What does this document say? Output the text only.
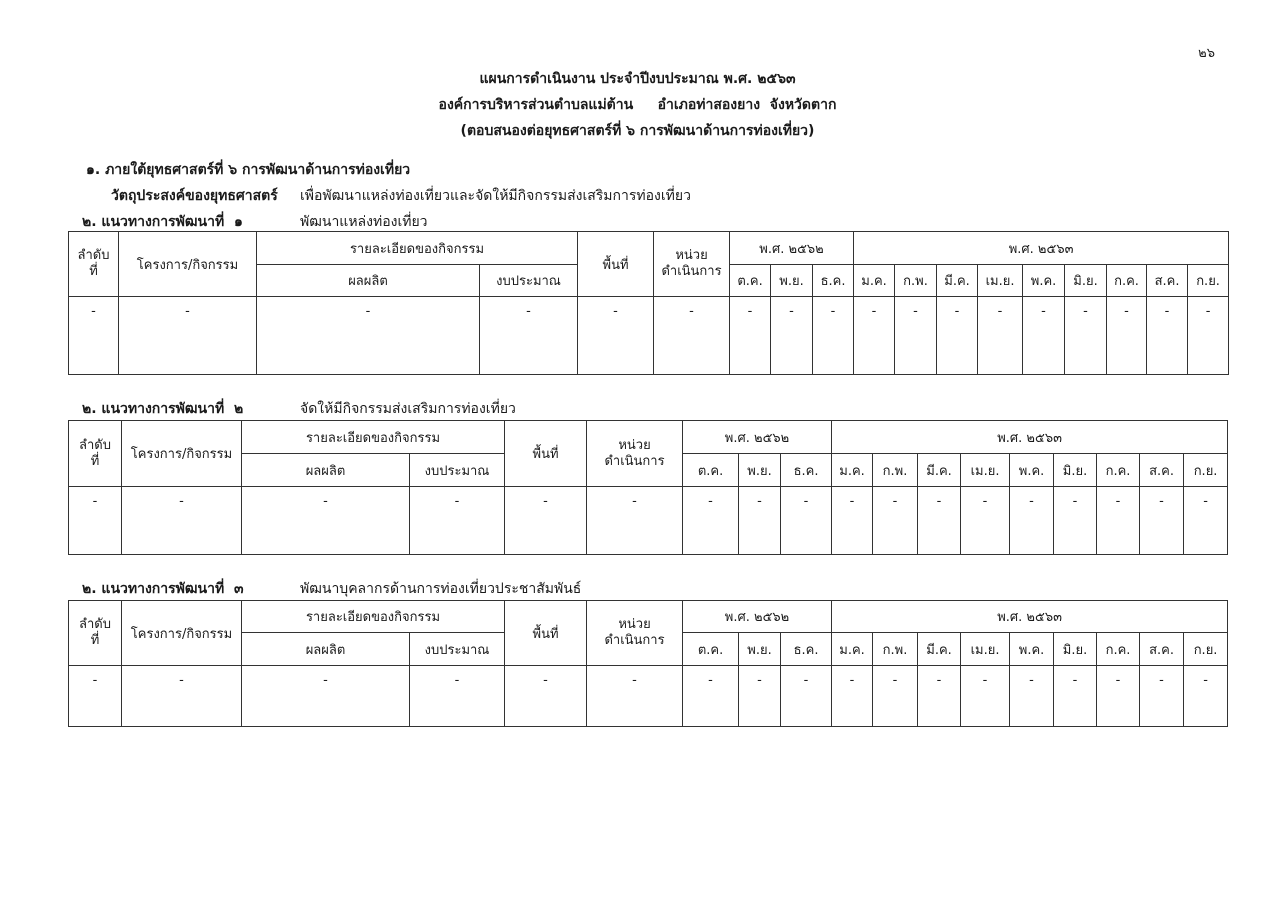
๒๖
แผนการดำเนินงาน ประจำปีงบประมาณ พ.ศ. ๒๕๖๓
องค์การบริหารส่วนตำบลแม่ต้าน     อำเภอท่าสองยาง  จังหวัดตาก
(ตอบสนองต่อยุทธศาสตร์ที่ ๖ การพัฒนาด้านการท่องเที่ยว)
๑. ภายใต้ยุทธศาสตร์ที่ ๖ การพัฒนาด้านการท่องเที่ยว
วัตถุประสงค์ของยุทธศาสตร์ เพื่อพัฒนาแหล่งท่องเที่ยวและจัดให้มีกิจกรรมส่งเสริมการท่องเที่ยว
๒. แนวทางการพัฒนาที่  ๑	พัฒนาแหล่งท่องเที่ยว
ลำดับ
ที่	โครงการ/กิจกรรม	รายละเอียดของกิจกรรม		พื้นที่	หน่วย
ดำเนินการ	พ.ศ. ๒๕๖๒			พ.ศ. ๒๕๖๓								
		ผลผลิต	งบประมาณ			ต.ค.	พ.ย.	ธ.ค.	ม.ค.	ก.พ.	มี.ค.	เม.ย.	พ.ค.	มิ.ย.	ก.ค.	ส.ค.	ก.ย.
-	-	-	-	-	-	-	-	-	-	-	-	-	-	-	-	-	-
๒. แนวทางการพัฒนาที่  ๒	จัดให้มีกิจกรรมส่งเสริมการท่องเที่ยว
ลำดับ
ที่	โครงการ/กิจกรรม	รายละเอียดของกิจกรรม		พื้นที่	หน่วย
ดำเนินการ	พ.ศ. ๒๕๖๒			พ.ศ. ๒๕๖๓								
		ผลผลิต	งบประมาณ			ต.ค.	พ.ย.	ธ.ค.	ม.ค.	ก.พ.	มี.ค.	เม.ย.	พ.ค.	มิ.ย.	ก.ค.	ส.ค.	ก.ย.
-	-	-	-	-	-	-	-	-	-	-	-	-	-	-	-	-	-
๒. แนวทางการพัฒนาที่  ๓	พัฒนาบุคลากรด้านการท่องเที่ยวประชาสัมพันธ์
ลำดับ
ที่	โครงการ/กิจกรรม	รายละเอียดของกิจกรรม		พื้นที่	หน่วย
ดำเนินการ	พ.ศ. ๒๕๖๒			พ.ศ. ๒๕๖๓								
		ผลผลิต	งบประมาณ			ต.ค.	พ.ย.	ธ.ค.	ม.ค.	ก.พ.	มี.ค.	เม.ย.	พ.ค.	มิ.ย.	ก.ค.	ส.ค.	ก.ย.
-	-	-	-	-	-	-	-	-	-	-	-	-	-	-	-	-	-
